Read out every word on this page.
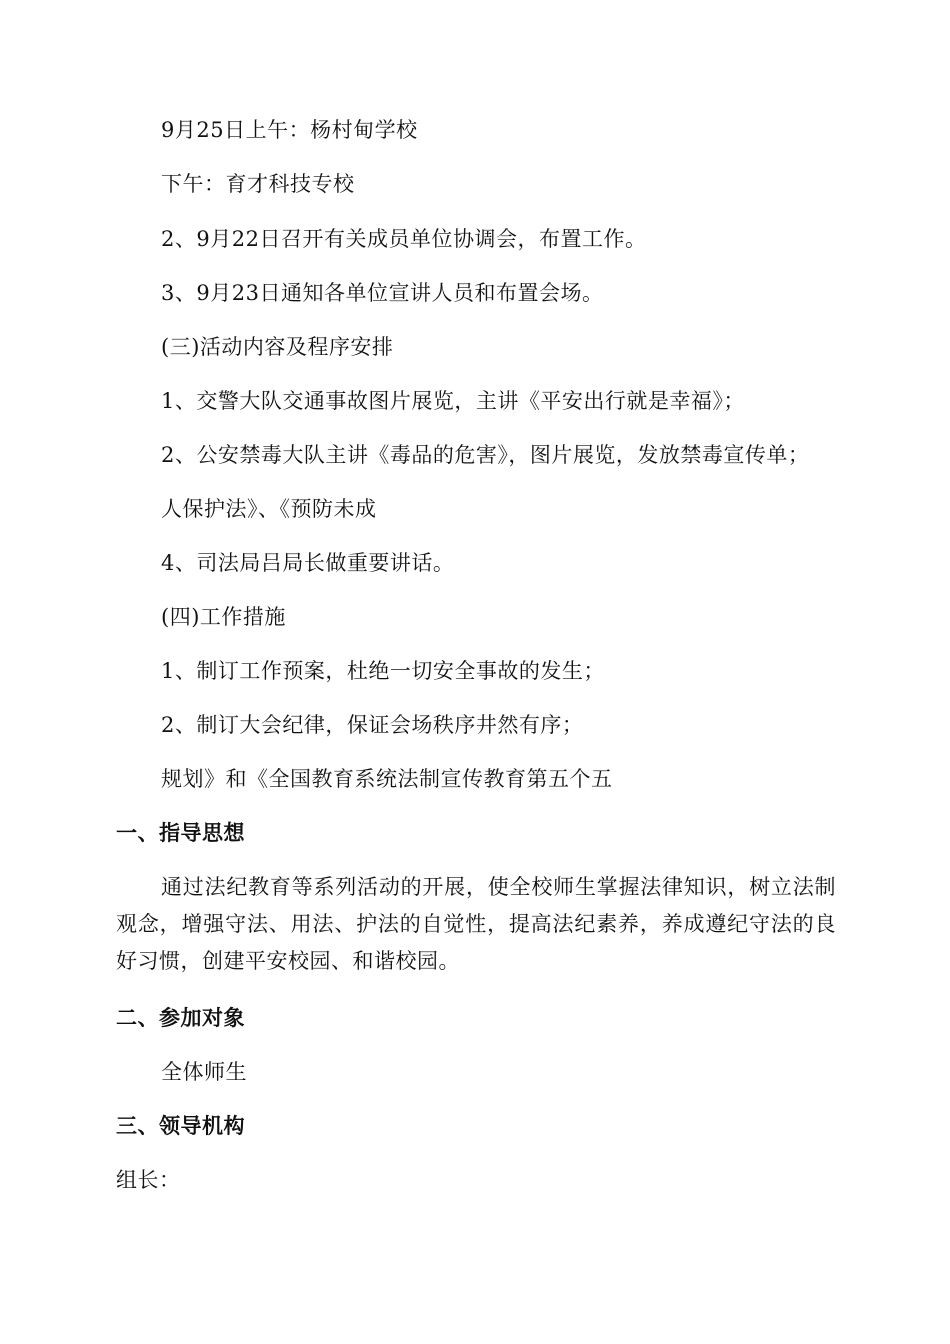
9月25日上午：杨村甸学校
下午：育才科技专校
2、9月22日召开有关成员单位协调会，布置工作。
3、9月23日通知各单位宣讲人员和布置会场。
(三)活动内容及程序安排
1、交警大队交通事故图片展览，主讲《平安出行就是幸福》；
2、公安禁毒大队主讲《毒品的危害》，图片展览，发放禁毒宣传单；
人保护法》、《预防未成
4、司法局吕局长做重要讲话。
(四)工作措施
1、制订工作预案，杜绝一切安全事故的发生；
2、制订大会纪律，保证会场秩序井然有序；
规划》和《全国教育系统法制宣传教育第五个五
一、指导思想
通过法纪教育等系列活动的开展，使全校师生掌握法律知识，树立法制观念，增强守法、用法、护法的自觉性，提高法纪素养，养成遵纪守法的良好习惯，创建平安校园、和谐校园。
二、参加对象
全体师生
三、领导机构
组长：
